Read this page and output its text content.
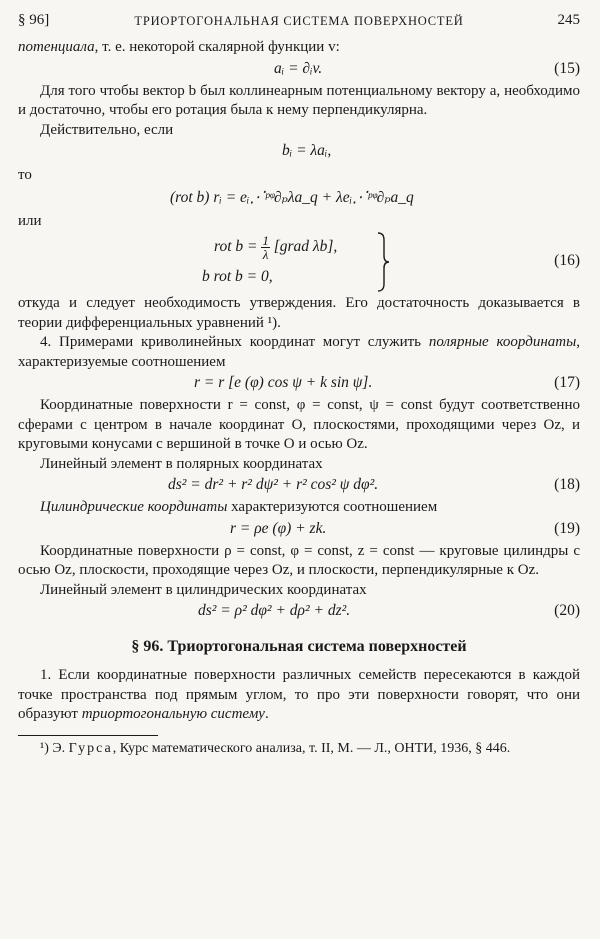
§ 96]	ТРИОРТОГОНАЛЬНАЯ СИСТЕМА ПОВЕРХНОСТЕЙ	245

потенциала, т. е. некоторой скалярной функции v:

aᵢ = ∂ᵢv.	(15)

Для того чтобы вектор b был коллинеарным потенциальному вектору a, необходимо и достаточно, чтобы его ротация была к нему перпендикулярна.

Действительно, если

bᵢ = λaᵢ,
то
(rot b) rᵢ = eᵢ⋰ᵖᵠ∂ₚλa_q + λeᵢ⋰ᵖᵠ∂ₚa_q
или
rot $b = \frac{1}{\lambda}$ [grad λb],
b rot b = 0,
(16)

откуда и следует необходимость утверждения. Его достаточность доказывается в теории дифференциальных уравнений ¹).

4. Примерами криволинейных координат могут служить полярные координаты, характеризуемые соотношением

r = r [e (φ) cos ψ + k sin ψ].	(17)

Координатные поверхности r = const, φ = const, ψ = const будут соответственно сферами с центром в начале координат O, плоскостями, проходящими через Oz, и круговыми конусами с вершиной в точке O и осью Oz.

Линейный элемент в полярных координатах

ds² = dr² + r² dψ² + r² cos² ψ dφ².	(18)

Цилиндрические координаты характеризуются соотношением

r = ρe (φ) + zk.	(19)

Координатные поверхности ρ = const, φ = const, z = const — круговые цилиндры с осью Oz, плоскости, проходящие через Oz, и плоскости, перпендикулярные к Oz.

Линейный элемент в цилиндрических координатах

ds² = ρ² dφ² + dρ² + dz².	(20)
§ 96. Триортогональная система поверхностей

1. Если координатные поверхности различных семейств пересекаются в каждой точке пространства под прямым углом, то про эти поверхности говорят, что они образуют триортогональную систему.

¹) Э. Гурса, Курс математического анализа, т. II, М. — Л., ОНТИ, 1936, § 446.
